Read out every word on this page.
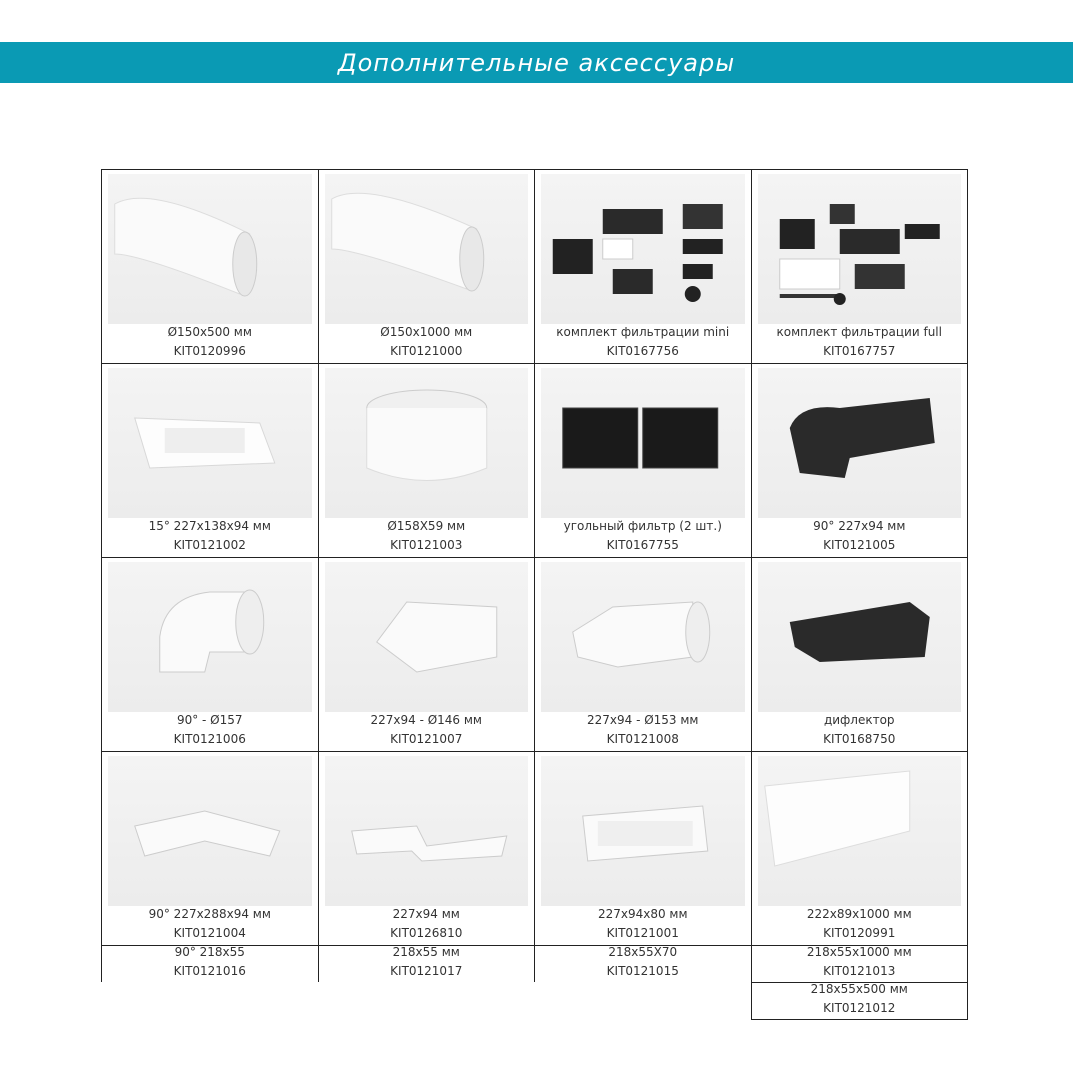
Дополнительные аксессуары
Ø150x500 мм
KIT0120996
Ø150x1000 мм
KIT0121000
комплект фильтрации mini
KIT0167756
комплект фильтрации full
KIT0167757
15° 227x138x94 мм
KIT0121002
Ø158X59 мм
KIT0121003
угольный фильтр (2 шт.)
KIT0167755
90° 227x94 мм
KIT0121005
90° - Ø157
KIT0121006
227x94 - Ø146 мм
KIT0121007
227x94 - Ø153 мм
KIT0121008
дифлектор
KIT0168750
90° 227x288x94 мм
KIT0121004
227x94 мм
KIT0126810
227x94x80 мм
KIT0121001
222x89x1000 мм
KIT0120991
90° 218x55
KIT0121016
218x55 мм
KIT0121017
218x55X70
KIT0121015
218x55x1000 мм
KIT0121013
218x55x500 мм
KIT0121012
